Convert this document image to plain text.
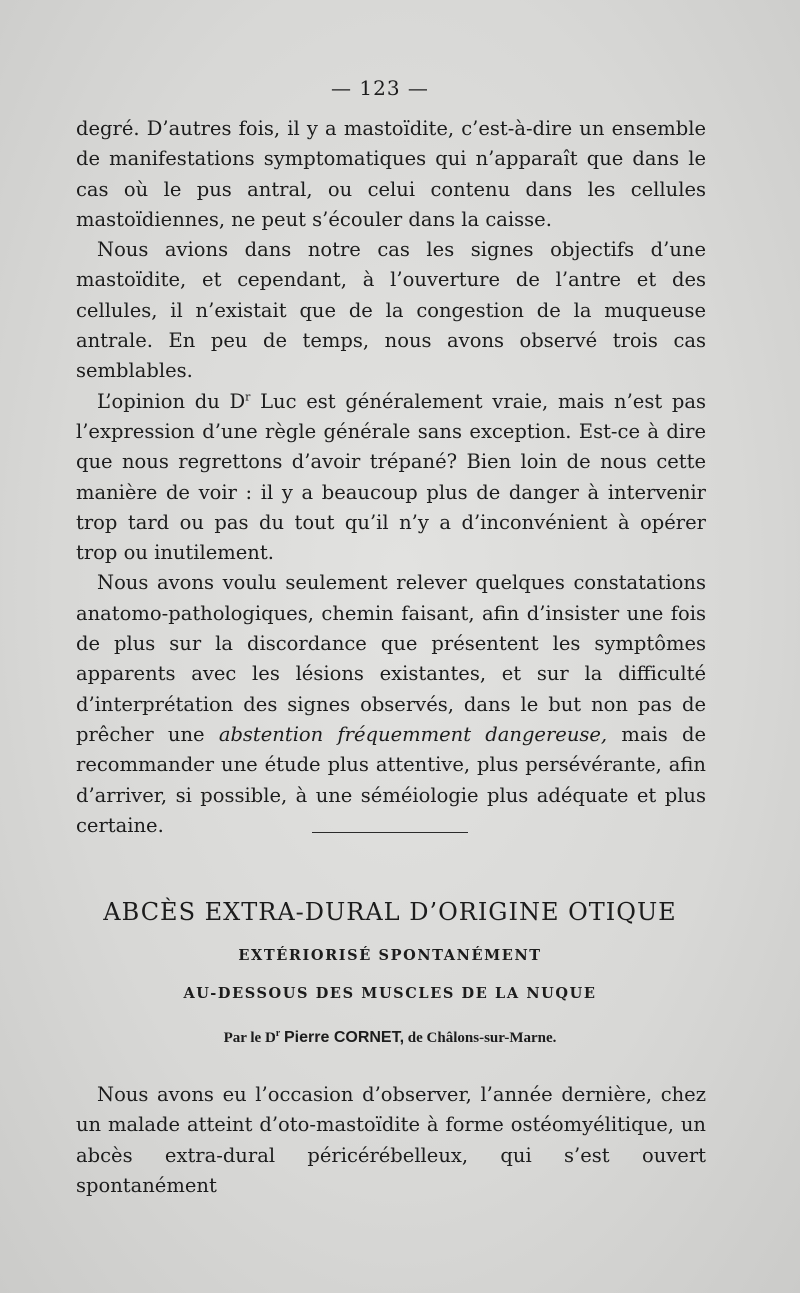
— 123 —

degré. D’autres fois, il y a mastoïdite, c’est-à-dire un ensemble de manifestations symptomatiques qui n’apparaît que dans le cas où le pus antral, ou celui contenu dans les cellules mastoïdiennes, ne peut s’écouler dans la caisse.

Nous avions dans notre cas les signes objectifs d’une mastoïdite, et cependant, à l’ouverture de l’antre et des cellules, il n’existait que de la congestion de la muqueuse antrale. En peu de temps, nous avons observé trois cas semblables.

L’opinion du $D^r$ Luc est généralement vraie, mais n’est pas l’expression d’une règle générale sans exception. Est-ce à dire que nous regrettons d’avoir trépané? Bien loin de nous cette manière de voir : il y a beaucoup plus de danger à intervenir trop tard ou pas du tout qu’il n’y a d’inconvénient à opérer trop ou inutilement.

Nous avons voulu seulement relever quelques constatations anatomo-pathologiques, chemin faisant, afin d’insister une fois de plus sur la discordance que présentent les symptômes apparents avec les lésions existantes, et sur la difficulté d’interprétation des signes observés, dans le but non pas de prêcher une abstention fréquemment dangereuse, mais de recommander une étude plus attentive, plus persévérante, afin d’arriver, si possible, à une séméiologie plus adéquate et plus certaine.

ABCÈS EXTRA-DURAL D’ORIGINE OTIQUE
EXTÉRIORISÉ SPONTANÉMENT
AU-DESSOUS DES MUSCLES DE LA NUQUE
Par le $D^r$ Pierre CORNET, de Châlons-sur-Marne.

Nous avons eu l’occasion d’observer, l’année dernière, chez un malade atteint d’oto-mastoïdite à forme ostéomyélitique, un abcès extra-dural péricérébelleux, qui s’est ouvert spontanément
